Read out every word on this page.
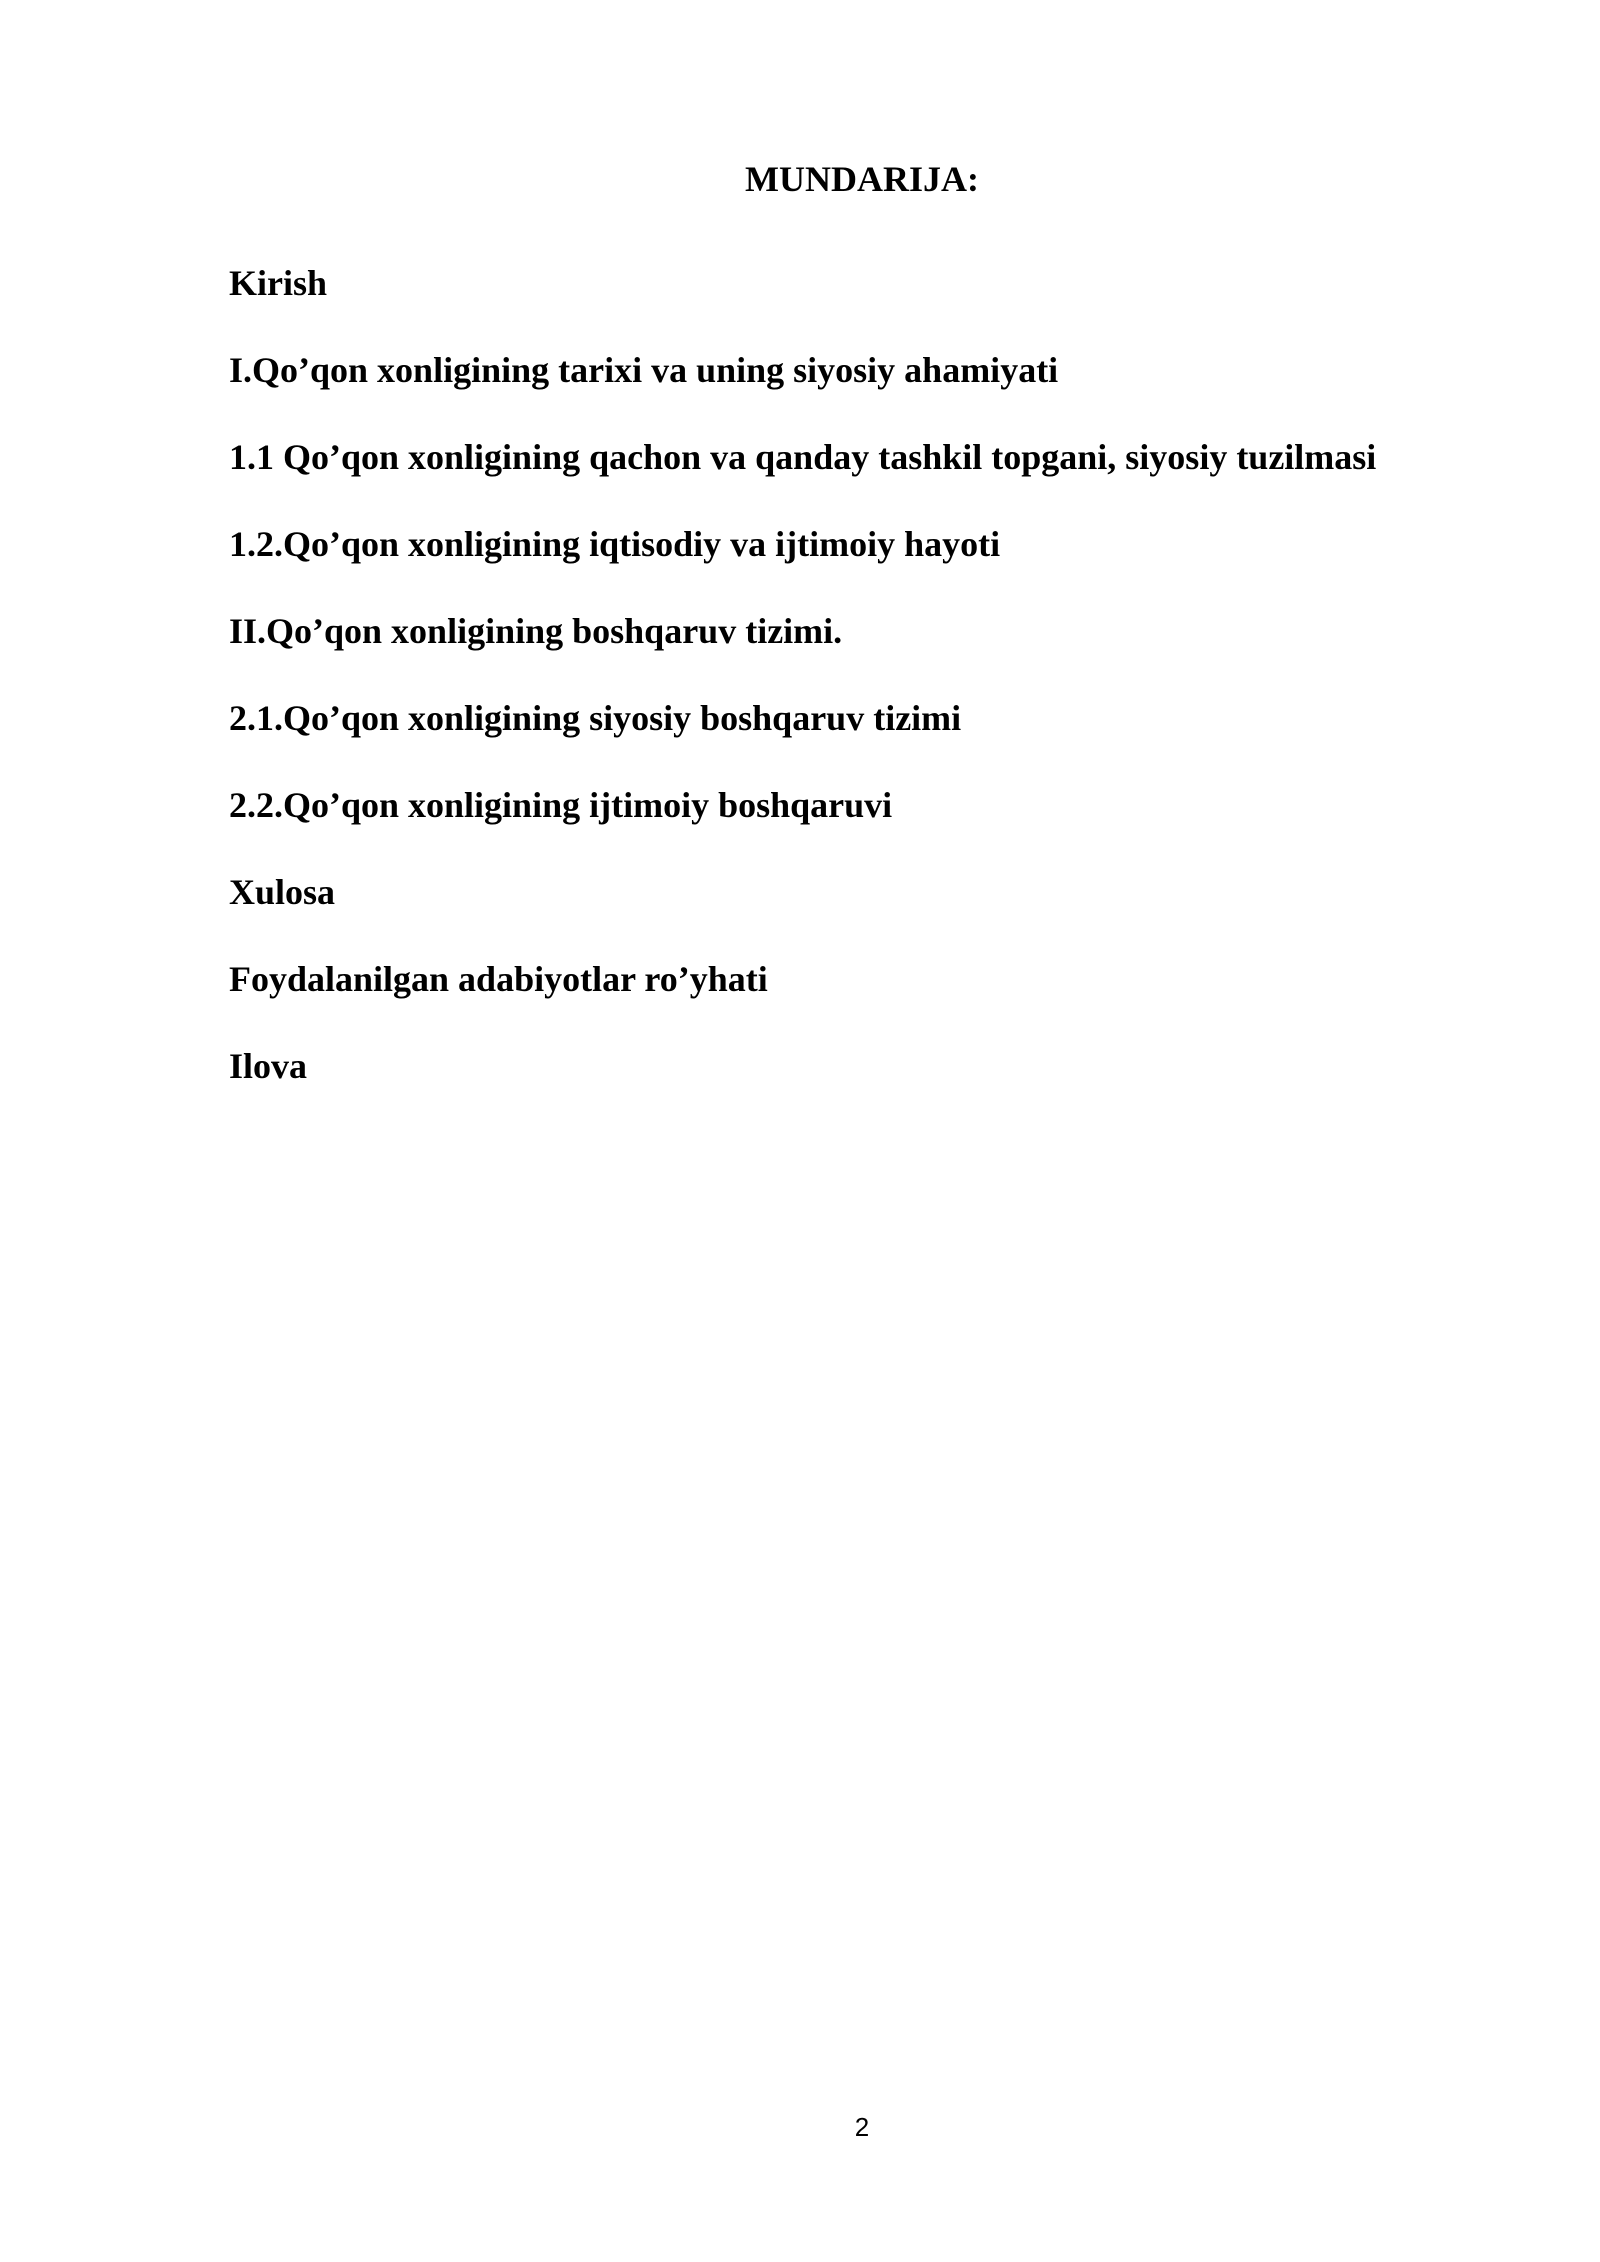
MUNDARIJA:
Kirish
I.Qo’qon xonligining tarixi va uning siyosiy ahamiyati
1.1 Qo’qon xonligining qachon va qanday tashkil topgani, siyosiy tuzilmasi
1.2.Qo’qon xonligining iqtisodiy va ijtimoiy hayoti
II.Qo’qon xonligining boshqaruv tizimi.
2.1.Qo’qon xonligining siyosiy boshqaruv tizimi
2.2.Qo’qon xonligining ijtimoiy boshqaruvi
Xulosa
Foydalanilgan adabiyotlar ro’yhati
Ilova
2
